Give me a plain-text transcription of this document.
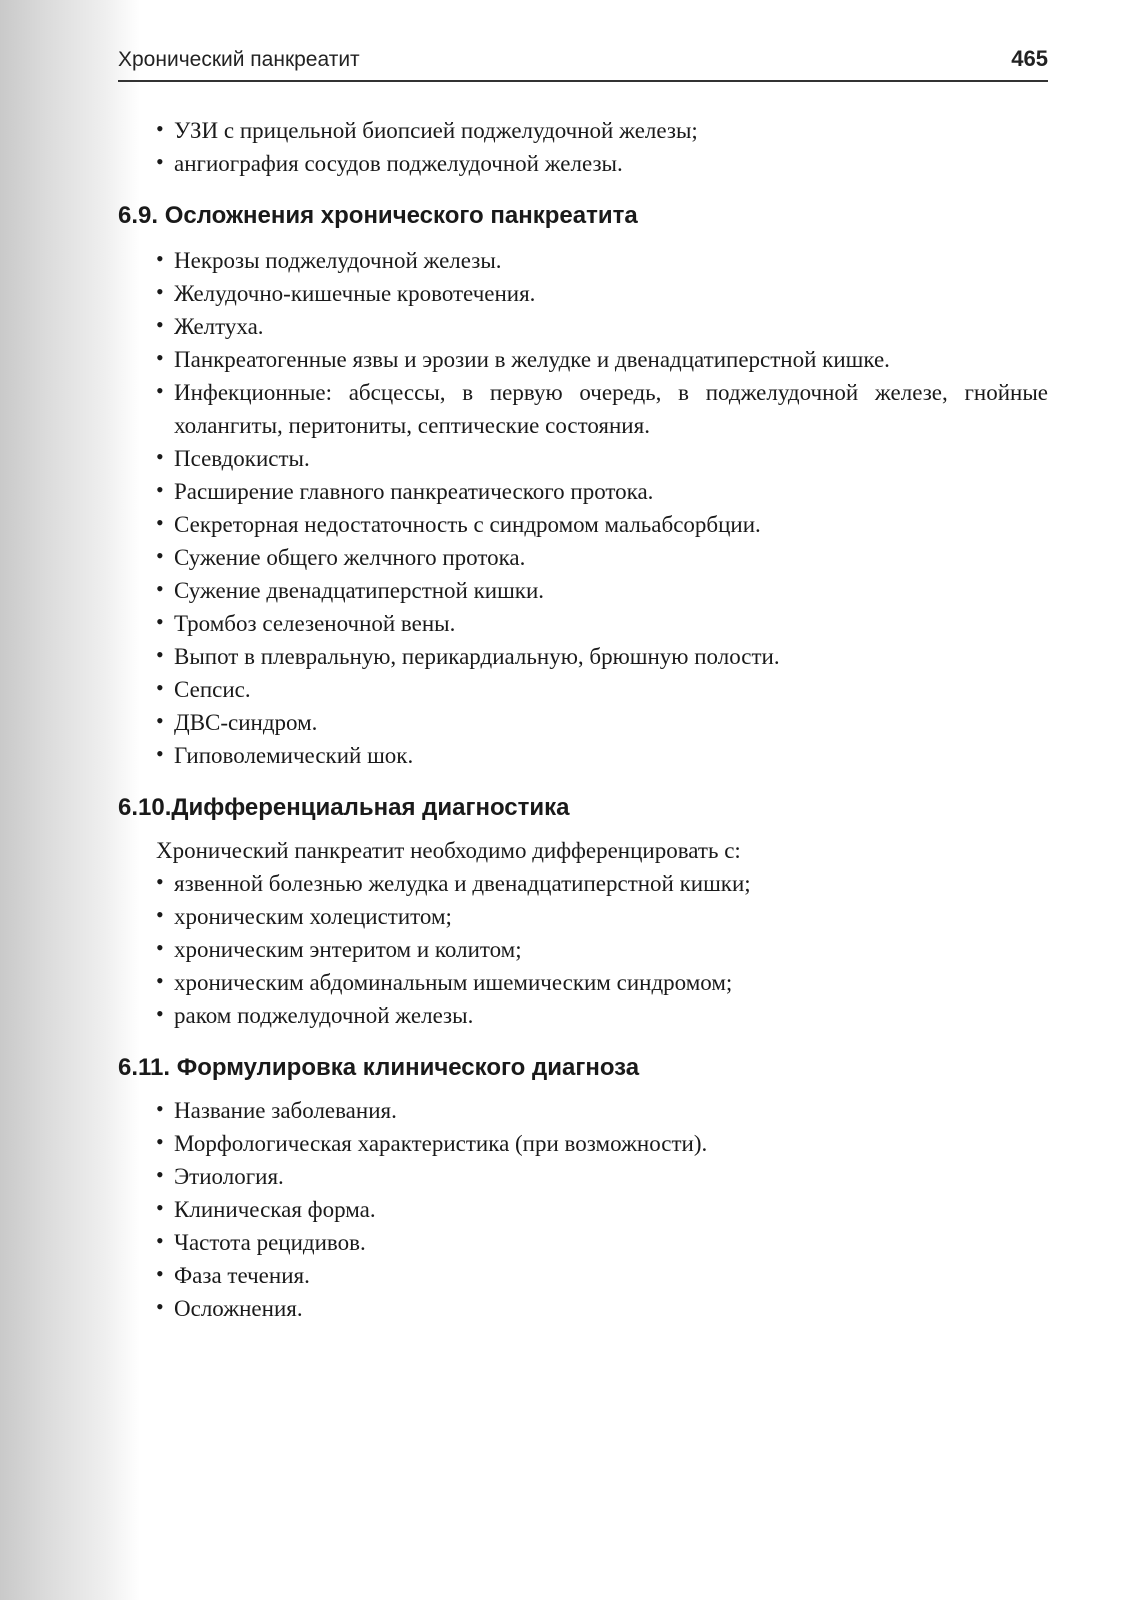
Хронический панкреатит	465
• УЗИ с прицельной биопсией поджелудочной железы;
• ангиография сосудов поджелудочной железы.
6.9. Осложнения хронического панкреатита
• Некрозы поджелудочной железы.
• Желудочно-кишечные кровотечения.
• Желтуха.
• Панкреатогенные язвы и эрозии в желудке и двенадцатиперстной кишке.
• Инфекционные: абсцессы, в первую очередь, в поджелудочной железе, гнойные холангиты, перитониты, септические состояния.
• Псевдокисты.
• Расширение главного панкреатического протока.
• Секреторная недостаточность с синдромом мальабсорбции.
• Сужение общего желчного протока.
• Сужение двенадцатиперстной кишки.
• Тромбоз селезеночной вены.
• Выпот в плевральную, перикардиальную, брюшную полости.
• Сепсис.
• ДВС-синдром.
• Гиповолемический шок.
6.10.Дифференциальная диагностика
Хронический панкреатит необходимо дифференцировать с:
• язвенной болезнью желудка и двенадцатиперстной кишки;
• хроническим холециститом;
• хроническим энтеритом и колитом;
• хроническим абдоминальным ишемическим синдромом;
• раком поджелудочной железы.
6.11. Формулировка клинического диагноза
• Название заболевания.
• Морфологическая характеристика (при возможности).
• Этиология.
• Клиническая форма.
• Частота рецидивов.
• Фаза течения.
• Осложнения.
